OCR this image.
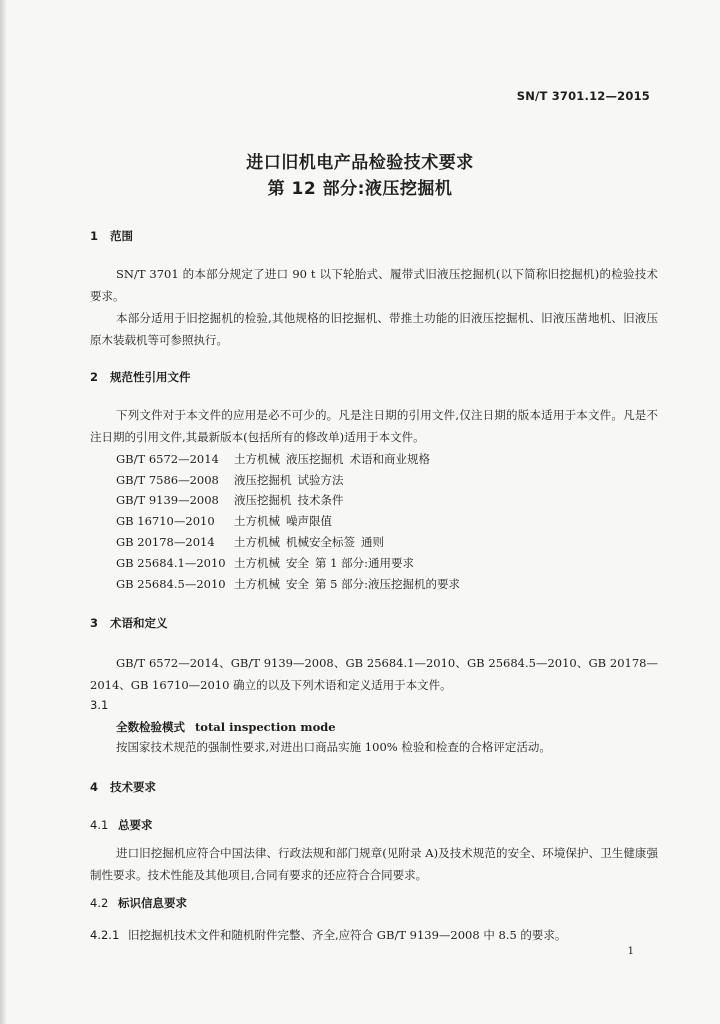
SN/T 3701.12—2015
进口旧机电产品检验技术要求
第 12 部分:液压挖掘机
1 范围
SN/T 3701 的本部分规定了进口 90 t 以下轮胎式、履带式旧液压挖掘机(以下简称旧挖掘机)的检验技术要求。
本部分适用于旧挖掘机的检验,其他规格的旧挖掘机、带推土功能的旧液压挖掘机、旧液压凿地机、旧液压原木装载机等可参照执行。
2 规范性引用文件
下列文件对于本文件的应用是必不可少的。凡是注日期的引用文件,仅注日期的版本适用于本文件。凡是不注日期的引用文件,其最新版本(包括所有的修改单)适用于本文件。
GB/T 6572—2014 土方机械 液压挖掘机 术语和商业规格
GB/T 7586—2008 液压挖掘机 试验方法
GB/T 9139—2008 液压挖掘机 技术条件
GB 16710—2010 土方机械 噪声限值
GB 20178—2014 土方机械 机械安全标签 通则
GB 25684.1—2010 土方机械 安全 第 1 部分:通用要求
GB 25684.5—2010 土方机械 安全 第 5 部分:液压挖掘机的要求
3 术语和定义
GB/T 6572—2014、GB/T 9139—2008、GB 25684.1—2010、GB 25684.5—2010、GB 20178—2014、GB 16710—2010 确立的以及下列术语和定义适用于本文件。
3.1
全数检验模式 total inspection mode
按国家技术规范的强制性要求,对进出口商品实施 100% 检验和检查的合格评定活动。
4 技术要求
4.1 总要求
进口旧挖掘机应符合中国法律、行政法规和部门规章(见附录 A)及技术规范的安全、环境保护、卫生健康强制性要求。技术性能及其他项目,合同有要求的还应符合合同要求。
4.2 标识信息要求
4.2.1 旧挖掘机技术文件和随机附件完整、齐全,应符合 GB/T 9139—2008 中 8.5 的要求。
1
